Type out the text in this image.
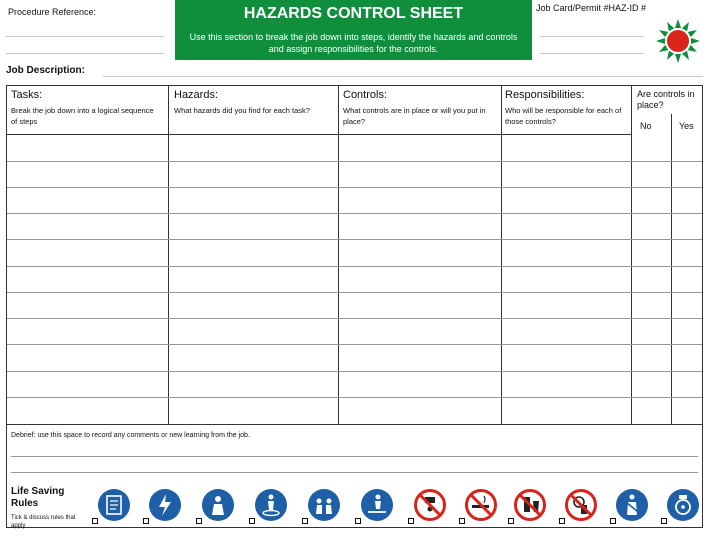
Procedure Reference:	HAZARDS CONTROL SHEET
Use this section to break the job down into steps, identify the hazards and controls and assign responsibilities for the controls.
Job Card/Permit #HAZ-ID #
Job Description:
Tasks:
Break the job down into a logical sequence of steps
Hazards:
What hazards did you find for each task?
Controls:
What controls are in place or will you put in place?
Responsibilities:
Who will be responsible for each of those controls?
Are controls in place?
No	Yes
Debrief: use this space to record any comments or new learning from the job.
Life Saving Rules
Tick & discuss rules that apply
